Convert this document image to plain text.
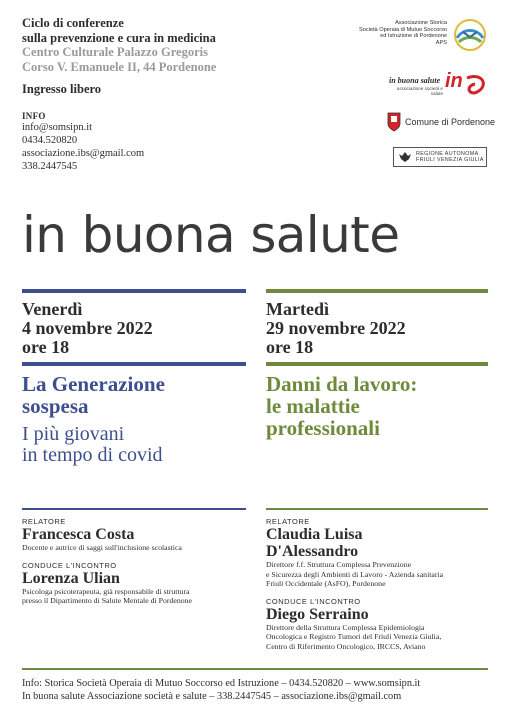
Ciclo di conferenze
sulla prevenzione e cura in medicina
Centro Culturale Palazzo Gregoris
Corso V. Emanuele II, 44 Pordenone
Ingresso libero
INFO
info@somsipn.it
0434.520820
associazione.ibs@gmail.com
338.2447545
Associazione Storica
Società Operaia di Mutuo Soccorso
ed Istruzione di Pordenone
APS
in buona salute
associazione società e salute
in
Comune di Pordenone
REGIONE AUTONOMA
FRIULI VENEZIA GIULIA
in buona salute
Venerdì
4 novembre 2022
ore 18
La Generazione
sospesa
I più giovani
in tempo di covid
RELATORE
Francesca Costa
Docente e autrice di saggi sull'inclusione scolastica
CONDUCE L'INCONTRO
Lorenza Ulian
Psicologa psicoterapeuta, già responsabile di struttura
presso il Dipartimento di Salute Mentale di Pordenone
Martedì
29 novembre 2022
ore 18
Danni da lavoro:
le malattie
professionali
RELATORE
Claudia Luisa
D'Alessandro
Direttore f.f. Struttura Complessa Prevenzione
e Sicurezza degli Ambienti di Lavoro - Azienda sanitaria
Friuli Occidentale (AsFO), Pordenone
CONDUCE L'INCONTRO
Diego Serraino
Direttore della Struttura Complessa Epidemiologia
Oncologica e Registro Tumori del Friuli Venezia Giulia,
Centro di Riferimento Oncologico, IRCCS, Aviano
Info: Storica Società Operaia di Mutuo Soccorso ed Istruzione – 0434.520820 – www.somsipn.it
In buona salute Associazione società e salute – 338.2447545 – associazione.ibs@gmail.com
